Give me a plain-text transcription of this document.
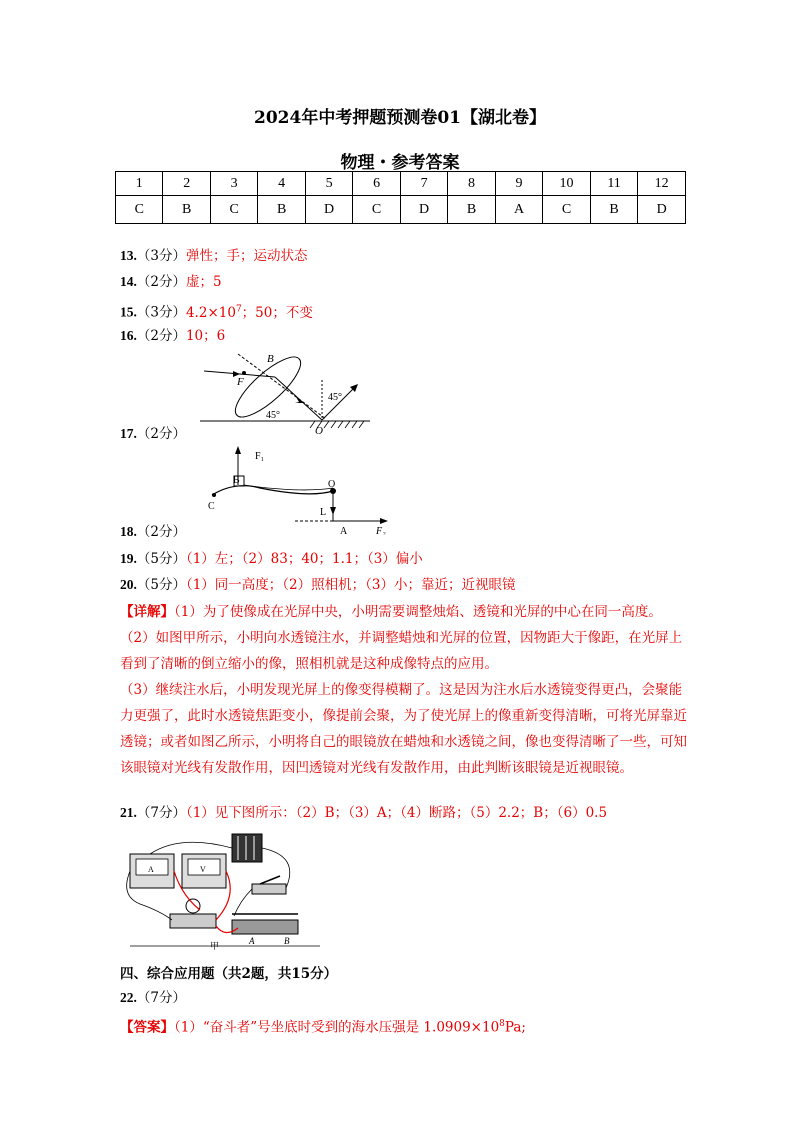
2024年中考押题预测卷01【湖北卷】
物理・参考答案
1	2	3	4	5	6	7	8	9	10	11	12
C	B	C	B	D	C	D	B	A	C	B	D
13.（3分）弹性；手；运动状态
14.（2分）虚；5
15.（3分）$4.2\times 10^7$；50；不变
16.（2分）10；6
B
F
45°
45°
O
17.（2分）
F₁
B
C
O
L
A	F₂
18.（2分）
19.（5分）（1）左；（2）83；40；1.1；（3）偏小
20.（5分）（1）同一高度；（2）照相机；（3）小；靠近；近视眼镜
【详解】（1）为了使像成在光屏中央，小明需要调整烛焰、透镜和光屏的中心在同一高度。
（2）如图甲所示，小明向水透镜注水，并调整蜡烛和光屏的位置，因物距大于像距，在光屏上看到了清晰的倒立缩小的像，照相机就是这种成像特点的应用。
（3）继续注水后，小明发现光屏上的像变得模糊了。这是因为注水后水透镜变得更凸，会聚能力更强了，此时水透镜焦距变小，像提前会聚，为了使光屏上的像重新变得清晰，可将光屏靠近透镜；或者如图乙所示，小明将自己的眼镜放在蜡烛和水透镜之间，像也变得清晰了一些，可知该眼镜对光线有发散作用，因凹透镜对光线有发散作用，由此判断该眼镜是近视眼镜。
21.（7分）（1）见下图所示：（2）B；（3）A；（4）断路；（5）2.2；B；（6）0.5
A	V
A	B
甲
四、综合应用题（共2题，共15分）
22.（7分）
【答案】（1）“奋斗者”号坐底时受到的海水压强是 $1.0909\times 10^8Pa$;
